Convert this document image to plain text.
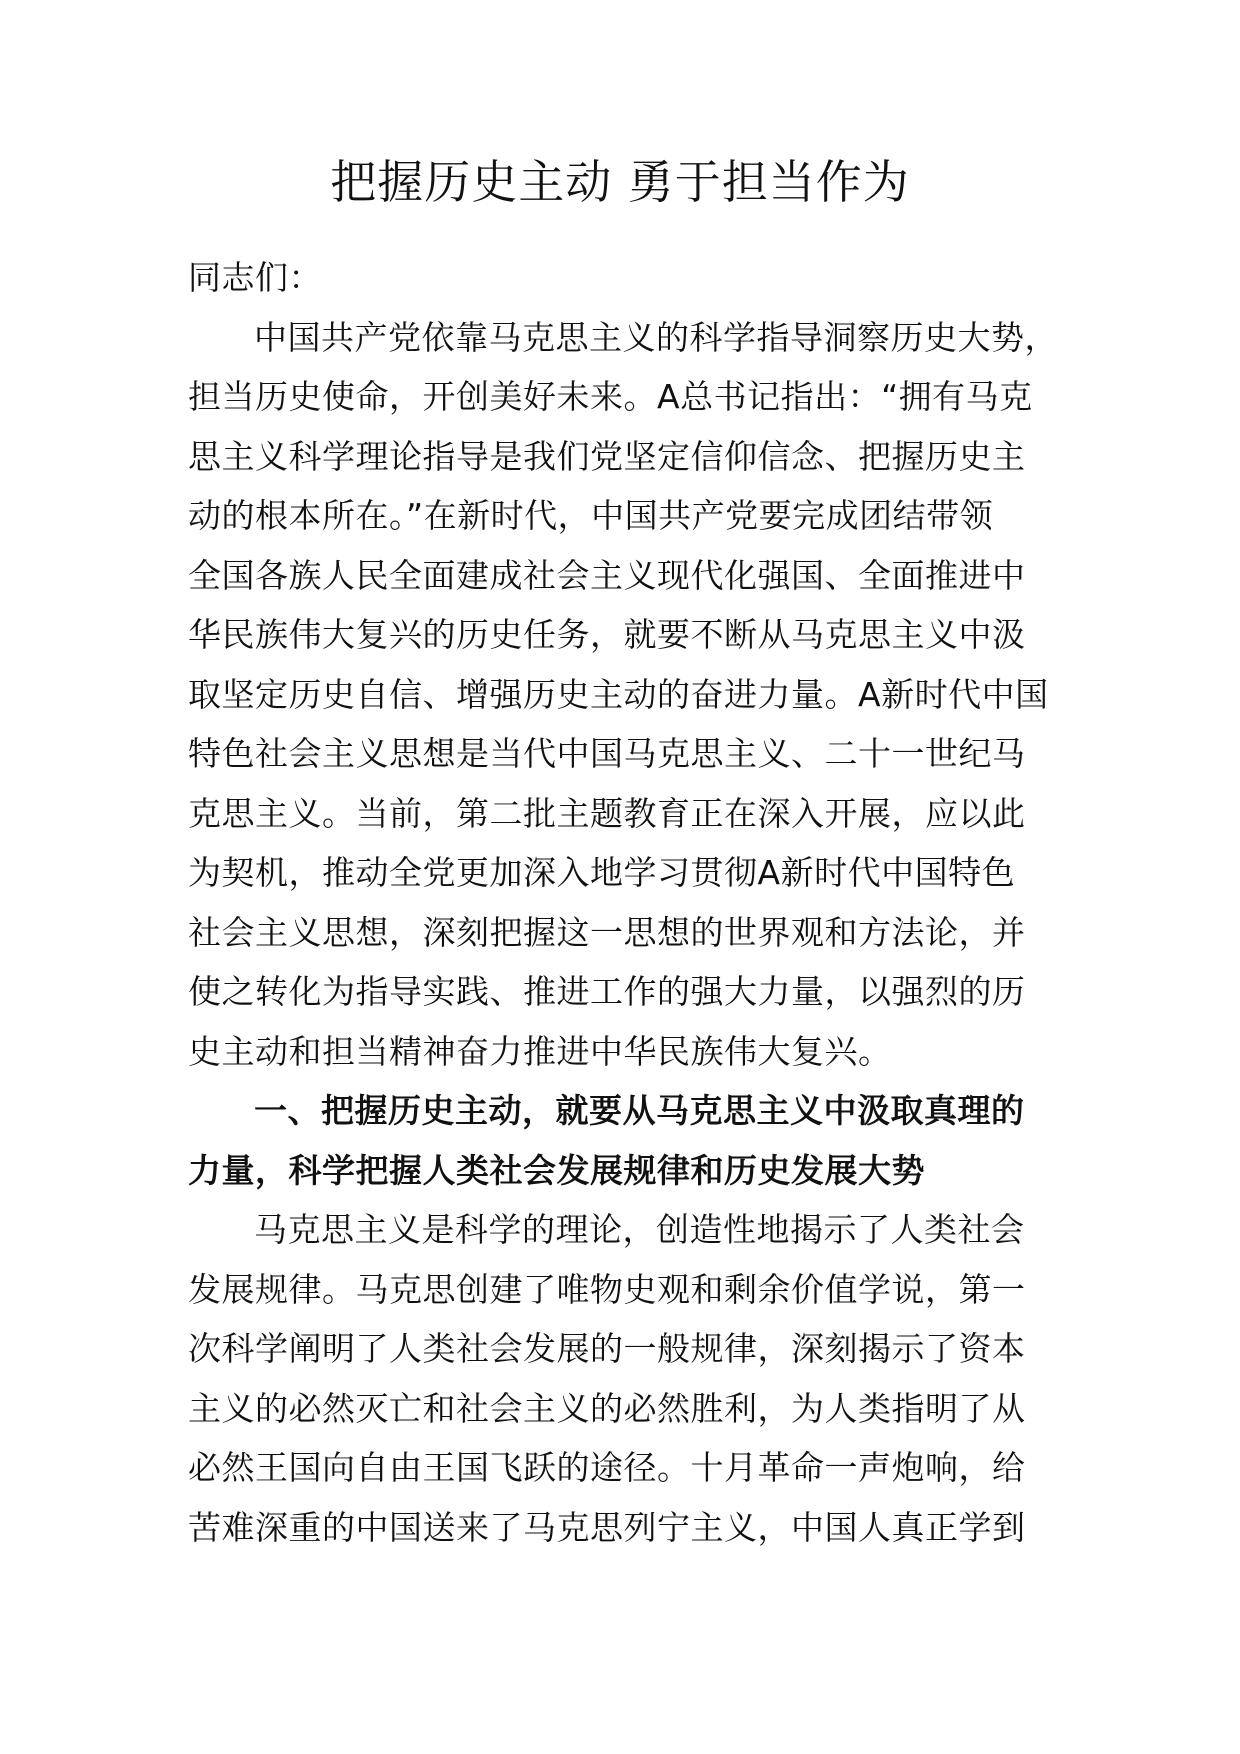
把握历史主动 勇于担当作为
同志们：
中国共产党依靠马克思主义的科学指导洞察历史大势，
担当历史使命，开创美好未来。A总书记指出：“拥有马克
思主义科学理论指导是我们党坚定信仰信念、把握历史主
动的根本所在。”在新时代，中国共产党要完成团结带领
全国各族人民全面建成社会主义现代化强国、全面推进中
华民族伟大复兴的历史任务，就要不断从马克思主义中汲
取坚定历史自信、增强历史主动的奋进力量。A新时代中国
特色社会主义思想是当代中国马克思主义、二十一世纪马
克思主义。当前，第二批主题教育正在深入开展，应以此
为契机，推动全党更加深入地学习贯彻A新时代中国特色
社会主义思想，深刻把握这一思想的世界观和方法论，并
使之转化为指导实践、推进工作的强大力量，以强烈的历
史主动和担当精神奋力推进中华民族伟大复兴。
一、把握历史主动，就要从马克思主义中汲取真理的
力量，科学把握人类社会发展规律和历史发展大势
马克思主义是科学的理论，创造性地揭示了人类社会
发展规律。马克思创建了唯物史观和剩余价值学说，第一
次科学阐明了人类社会发展的一般规律，深刻揭示了资本
主义的必然灭亡和社会主义的必然胜利，为人类指明了从
必然王国向自由王国飞跃的途径。十月革命一声炮响，给
苦难深重的中国送来了马克思列宁主义，中国人真正学到
